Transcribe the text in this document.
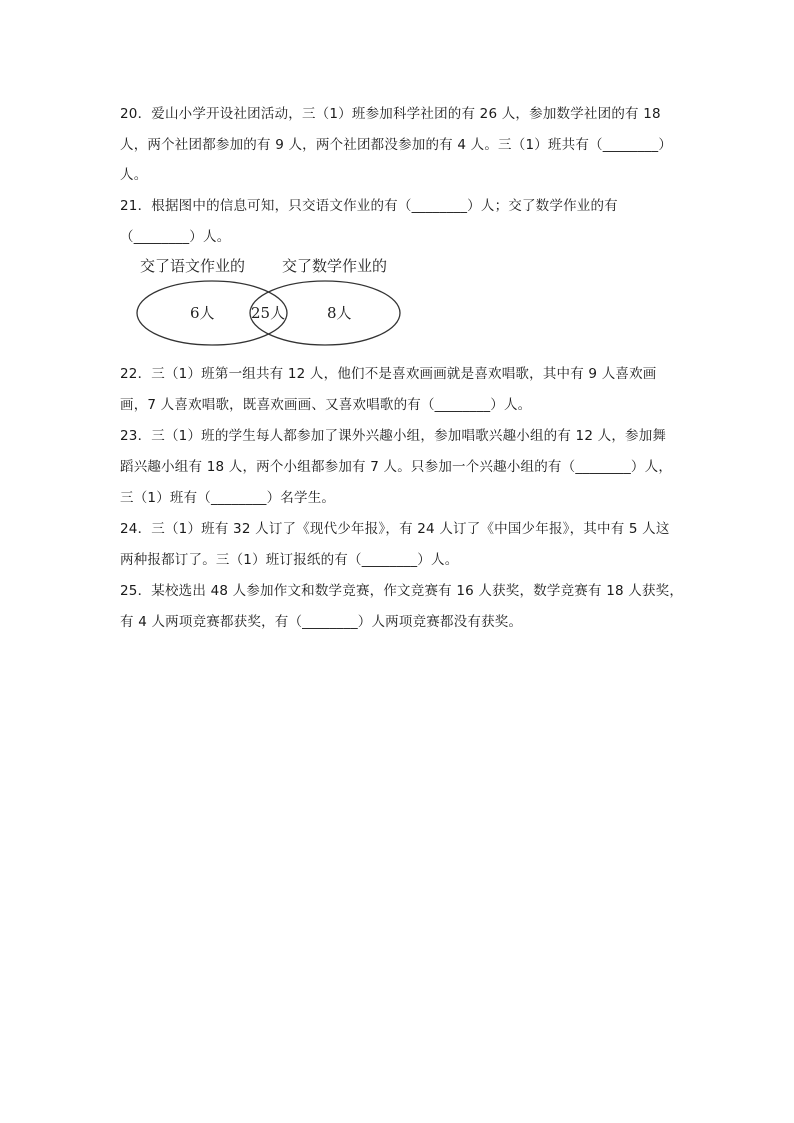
20．爱山小学开设社团活动，三（1）班参加科学社团的有 26 人，参加数学社团的有 18
人，两个社团都参加的有 9 人，两个社团都没参加的有 4 人。三（1）班共有（________）
人。
21．根据图中的信息可知，只交语文作业的有（________）人；交了数学作业的有
（________）人。
交了语文作业的 交了数学作业的
6人 25人	8人
22．三（1）班第一组共有 12 人，他们不是喜欢画画就是喜欢唱歌，其中有 9 人喜欢画
画，7 人喜欢唱歌，既喜欢画画、又喜欢唱歌的有（________）人。
23．三（1）班的学生每人都参加了课外兴趣小组，参加唱歌兴趣小组的有 12 人，参加舞
蹈兴趣小组有 18 人，两个小组都参加有 7 人。只参加一个兴趣小组的有（________）人，
三（1）班有（________）名学生。
24．三（1）班有 32 人订了《现代少年报》，有 24 人订了《中国少年报》，其中有 5 人这
两种报都订了。三（1）班订报纸的有（________）人。
25．某校选出 48 人参加作文和数学竞赛，作文竞赛有 16 人获奖，数学竞赛有 18 人获奖，
有 4 人两项竞赛都获奖，有（________）人两项竞赛都没有获奖。
